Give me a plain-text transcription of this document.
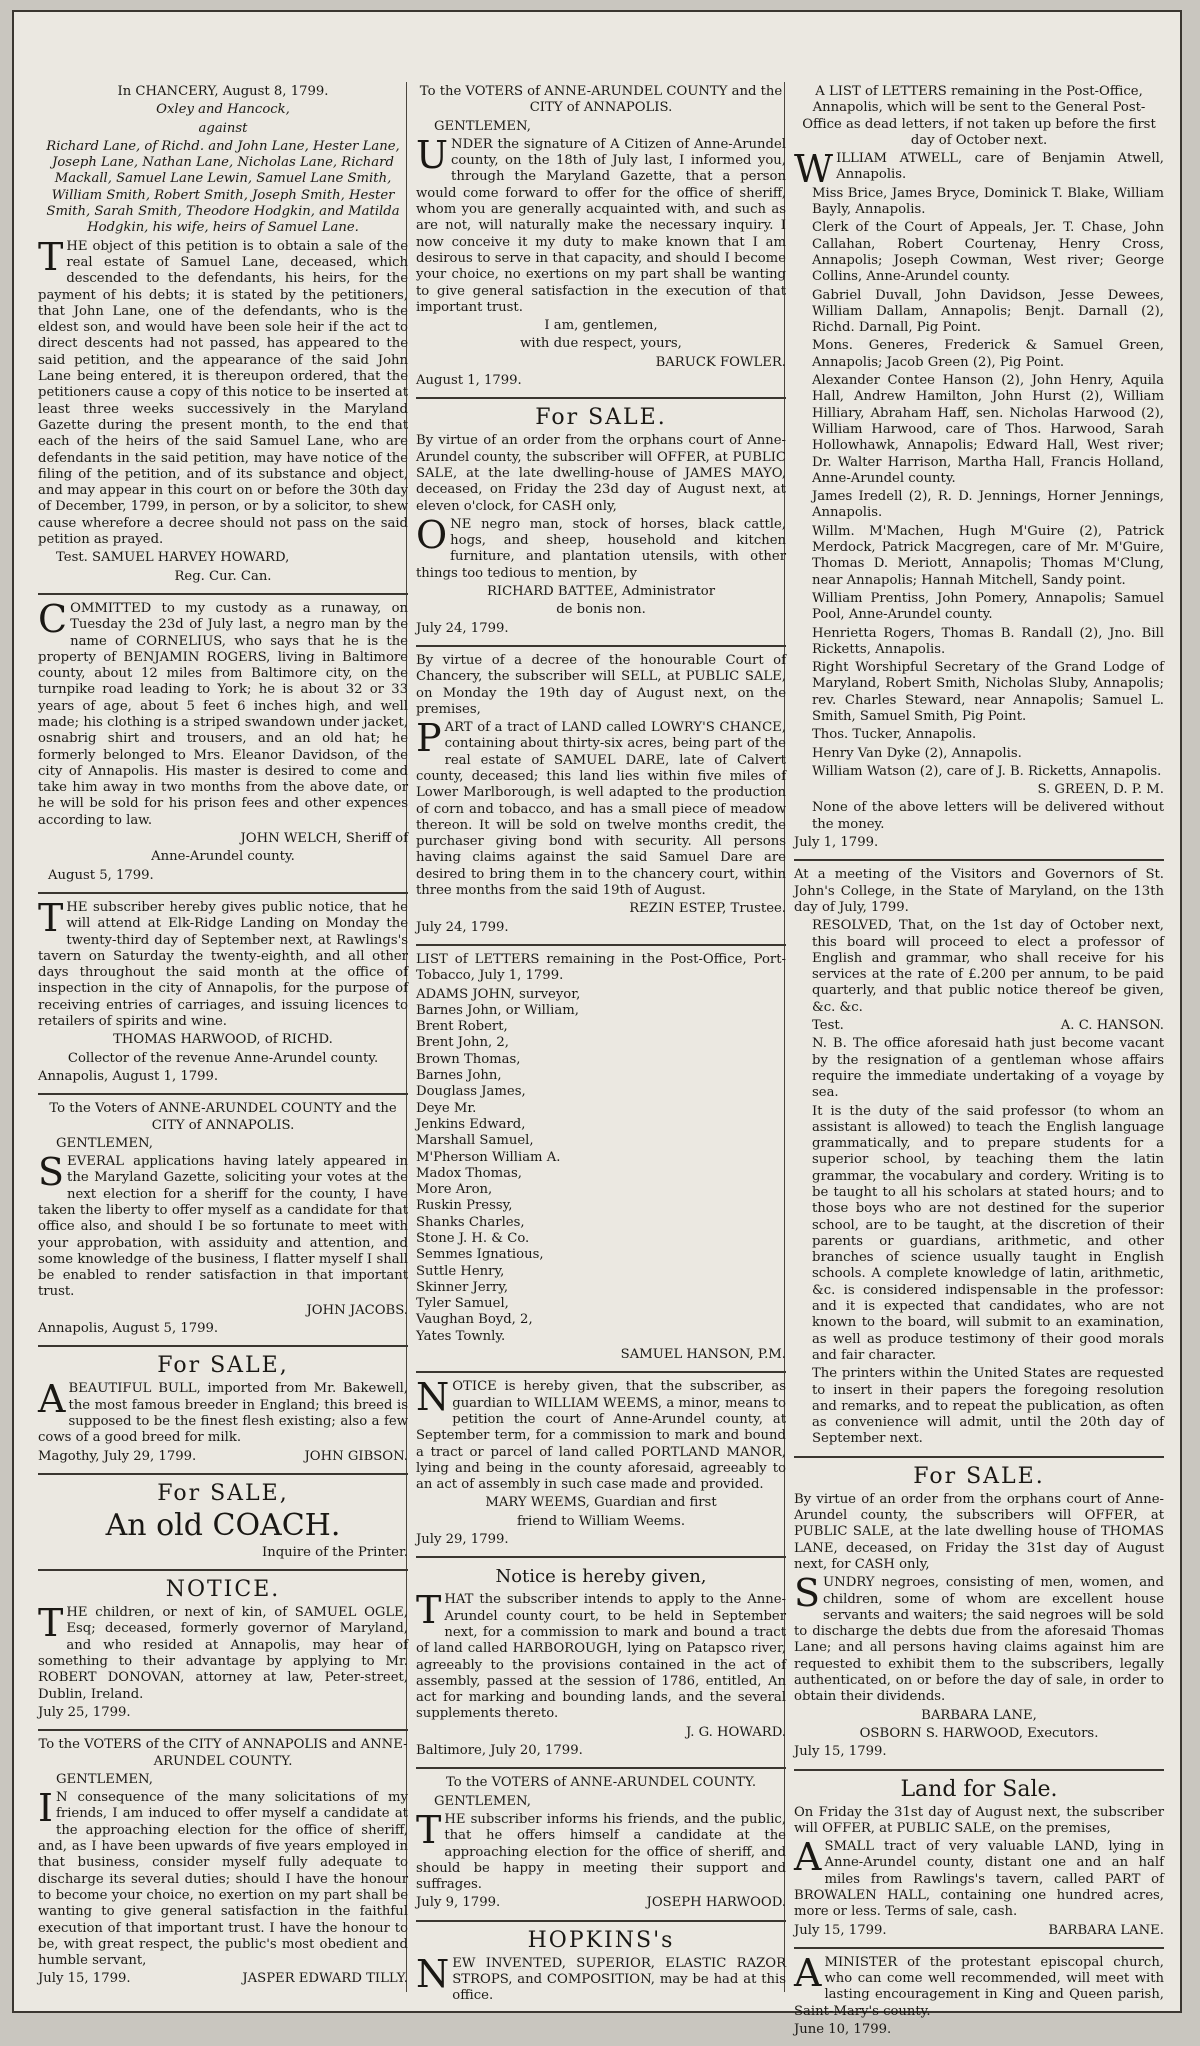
In CHANCERY, August 8, 1799.

Oxley and Hancock,

against

Richard Lane, of Richd. and John Lane, Hester Lane, Joseph Lane, Nathan Lane, Nicholas Lane, Richard Mackall, Samuel Lane Lewin, Samuel Lane Smith, William Smith, Robert Smith, Joseph Smith, Hester Smith, Sarah Smith, Theodore Hodgkin, and Matilda Hodgkin, his wife, heirs of Samuel Lane.

THE object of this petition is to obtain a sale of the real estate of Samuel Lane, deceased, which descended to the defendants, his heirs, for the payment of his debts; it is stated by the petitioners, that John Lane, one of the defendants, who is the eldest son, and would have been sole heir if the act to direct descents had not passed, has appeared to the said petition, and the appearance of the said John Lane being entered, it is thereupon ordered, that the petitioners cause a copy of this notice to be inserted at least three weeks successively in the Maryland Gazette during the present month, to the end that each of the heirs of the said Samuel Lane, who are defendants in the said petition, may have notice of the filing of the petition, and of its substance and object, and may appear in this court on or before the 30th day of December, 1799, in person, or by a solicitor, to shew cause wherefore a decree should not pass on the said petition as prayed.

Test. SAMUEL HARVEY HOWARD,

Reg. Cur. Can.

COMMITTED to my custody as a runaway, on Tuesday the 23d of July last, a negro man by the name of CORNELIUS, who says that he is the property of BENJAMIN ROGERS, living in Baltimore county, about 12 miles from Baltimore city, on the turnpike road leading to York; he is about 32 or 33 years of age, about 5 feet 6 inches high, and well made; his clothing is a striped swandown under jacket, osnabrig shirt and trousers, and an old hat; he formerly belonged to Mrs. Eleanor Davidson, of the city of Annapolis. His master is desired to come and take him away in two months from the above date, or he will be sold for his prison fees and other expences according to law.

JOHN WELCH, Sheriff of

Anne-Arundel county.

August 5, 1799.

THE subscriber hereby gives public notice, that he will attend at Elk-Ridge Landing on Monday the twenty-third day of September next, at Rawlings's tavern on Saturday the twenty-eighth, and all other days throughout the said month at the office of inspection in the city of Annapolis, for the purpose of receiving entries of carriages, and issuing licences to retailers of spirits and wine.

THOMAS HARWOOD, of RICHD.

Collector of the revenue Anne-Arundel county.

Annapolis, August 1, 1799.

To the Voters of ANNE-ARUNDEL COUNTY and the CITY of ANNAPOLIS.

GENTLEMEN,

SEVERAL applications having lately appeared in the Maryland Gazette, soliciting your votes at the next election for a sheriff for the county, I have taken the liberty to offer myself as a candidate for that office also, and should I be so fortunate to meet with your approbation, with assiduity and attention, and some knowledge of the business, I flatter myself I shall be enabled to render satisfaction in that important trust.

JOHN JACOBS.

Annapolis, August 5, 1799.

For SALE,

ABEAUTIFUL BULL, imported from Mr. Bakewell, the most famous breeder in England; this breed is supposed to be the finest flesh existing; also a few cows of a good breed for milk.

Magothy, July 29, 1799.	JOHN GIBSON.

For SALE,

An old COACH.

Inquire of the Printer.

NOTICE.

THE children, or next of kin, of SAMUEL OGLE, Esq; deceased, formerly governor of Maryland, and who resided at Annapolis, may hear of something to their advantage by applying to Mr. ROBERT DONOVAN, attorney at law, Peter-street, Dublin, Ireland.

July 25, 1799.

To the VOTERS of the CITY of ANNAPOLIS and ANNE-ARUNDEL COUNTY.

GENTLEMEN,

I N consequence of the many solicitations of my friends, I am induced to offer myself a candidate at the approaching election for the office of sheriff, and, as I have been upwards of five years employed in that business, consider myself fully adequate to discharge its several duties; should I have the honour to become your choice, no exertion on my part shall be wanting to give general satisfaction in the faithful execution of that important trust. I have the honour to be, with great respect, the public's most obedient and humble servant,

July 15, 1799.	JASPER EDWARD TILLY.

To the VOTERS of ANNE-ARUNDEL COUNTY and the CITY of ANNAPOLIS.

GENTLEMEN,

UNDER the signature of A Citizen of Anne-Arundel county, on the 18th of July last, I informed you, through the Maryland Gazette, that a person would come forward to offer for the office of sheriff, whom you are generally acquainted with, and such as are not, will naturally make the necessary inquiry. I now conceive it my duty to make known that I am desirous to serve in that capacity, and should I become your choice, no exertions on my part shall be wanting to give general satisfaction in the execution of that important trust.

I am, gentlemen,

with due respect, yours,

BARUCK FOWLER.

August 1, 1799.

For SALE.

By virtue of an order from the orphans court of Anne-Arundel county, the subscriber will OFFER, at PUBLIC SALE, at the late dwelling-house of JAMES MAYO, deceased, on Friday the 23d day of August next, at eleven o'clock, for CASH only,

ONE negro man, stock of horses, black cattle, hogs, and sheep, household and kitchen furniture, and plantation utensils, with other things too tedious to mention, by

RICHARD BATTEE, Administrator

de bonis non.

July 24, 1799.

By virtue of a decree of the honourable Court of Chancery, the subscriber will SELL, at PUBLIC SALE, on Monday the 19th day of August next, on the premises,

PART of a tract of LAND called LOWRY'S CHANCE, containing about thirty-six acres, being part of the real estate of SAMUEL DARE, late of Calvert county, deceased; this land lies within five miles of Lower Marlborough, is well adapted to the production of corn and tobacco, and has a small piece of meadow thereon. It will be sold on twelve months credit, the purchaser giving bond with security. All persons having claims against the said Samuel Dare are desired to bring them in to the chancery court, within three months from the said 19th of August.

REZIN ESTEP, Trustee.

July 24, 1799.

LIST of LETTERS remaining in the Post-Office, Port-Tobacco, July 1, 1799.

ADAMS JOHN, surveyor,
Barnes John, or William,
Brent Robert,
Brent John, 2,
Brown Thomas,
Barnes John,
Douglass James,
Deye Mr.
Jenkins Edward,
Marshall Samuel,
M'Pherson William A.
Madox Thomas,
More Aron,
Ruskin Pressy,
Shanks Charles,
Stone J. H. & Co.
Semmes Ignatious,
Suttle Henry,
Skinner Jerry,
Tyler Samuel,
Vaughan Boyd, 2,
Yates Townly.

SAMUEL HANSON, P.M.

NOTICE is hereby given, that the subscriber, as guardian to WILLIAM WEEMS, a minor, means to petition the court of Anne-Arundel county, at September term, for a commission to mark and bound a tract or parcel of land called PORTLAND MANOR, lying and being in the county aforesaid, agreeably to an act of assembly in such case made and provided.

MARY WEEMS, Guardian and first

friend to William Weems.

July 29, 1799.

Notice is hereby given,

THAT the subscriber intends to apply to the Anne-Arundel county court, to be held in September next, for a commission to mark and bound a tract of land called HARBOROUGH, lying on Patapsco river, agreeably to the provisions contained in the act of assembly, passed at the session of 1786, entitled, An act for marking and bounding lands, and the several supplements thereto.

J. G. HOWARD.

Baltimore, July 20, 1799.

To the VOTERS of ANNE-ARUNDEL COUNTY.

GENTLEMEN,

THE subscriber informs his friends, and the public, that he offers himself a candidate at the approaching election for the office of sheriff, and should be happy in meeting their support and suffrages.

July 9, 1799.	JOSEPH HARWOOD.

HOPKINS's

NEW INVENTED, SUPERIOR, ELASTIC RAZOR STROPS, and COMPOSITION, may be had at this office.

A LIST of LETTERS remaining in the Post-Office, Annapolis, which will be sent to the General Post-Office as dead letters, if not taken up before the first day of October next.

WILLIAM ATWELL, care of Benjamin Atwell, Annapolis.

Miss Brice, James Bryce, Dominick T. Blake, William Bayly, Annapolis.

Clerk of the Court of Appeals, Jer. T. Chase, John Callahan, Robert Courtenay, Henry Cross, Annapolis; Joseph Cowman, West river; George Collins, Anne-Arundel county.

Gabriel Duvall, John Davidson, Jesse Dewees, William Dallam, Annapolis; Benjt. Darnall (2), Richd. Darnall, Pig Point.

Mons. Generes, Frederick & Samuel Green, Annapolis; Jacob Green (2), Pig Point.

Alexander Contee Hanson (2), John Henry, Aquila Hall, Andrew Hamilton, John Hurst (2), William Hilliary, Abraham Haff, sen. Nicholas Harwood (2), William Harwood, care of Thos. Harwood, Sarah Hollowhawk, Annapolis; Edward Hall, West river; Dr. Walter Harrison, Martha Hall, Francis Holland, Anne-Arundel county.

James Iredell (2), R. D. Jennings, Horner Jennings, Annapolis.

Willm. M'Machen, Hugh M'Guire (2), Patrick Merdock, Patrick Macgregen, care of Mr. M'Guire, Thomas D. Meriott, Annapolis; Thomas M'Clung, near Annapolis; Hannah Mitchell, Sandy point.

William Prentiss, John Pomery, Annapolis; Samuel Pool, Anne-Arundel county.

Henrietta Rogers, Thomas B. Randall (2), Jno. Bill Ricketts, Annapolis.

Right Worshipful Secretary of the Grand Lodge of Maryland, Robert Smith, Nicholas Sluby, Annapolis; rev. Charles Steward, near Annapolis; Samuel L. Smith, Samuel Smith, Pig Point.

Thos. Tucker, Annapolis.

Henry Van Dyke (2), Annapolis.

William Watson (2), care of J. B. Ricketts, Annapolis.

S. GREEN, D. P. M.

None of the above letters will be delivered without the money.

July 1, 1799.

At a meeting of the Visitors and Governors of St. John's College, in the State of Maryland, on the 13th day of July, 1799.

RESOLVED, That, on the 1st day of October next, this board will proceed to elect a professor of English and grammar, who shall receive for his services at the rate of £.200 per annum, to be paid quarterly, and that public notice thereof be given, &c. &c.

Test.	A. C. HANSON.

N. B. The office aforesaid hath just become vacant by the resignation of a gentleman whose affairs require the immediate undertaking of a voyage by sea.

It is the duty of the said professor (to whom an assistant is allowed) to teach the English language grammatically, and to prepare students for a superior school, by teaching them the latin grammar, the vocabulary and cordery. Writing is to be taught to all his scholars at stated hours; and to those boys who are not destined for the superior school, are to be taught, at the discretion of their parents or guardians, arithmetic, and other branches of science usually taught in English schools. A complete knowledge of latin, arithmetic, &c. is considered indispensable in the professor: and it is expected that candidates, who are not known to the board, will submit to an examination, as well as produce testimony of their good morals and fair character.

The printers within the United States are requested to insert in their papers the foregoing resolution and remarks, and to repeat the publication, as often as convenience will admit, until the 20th day of September next.

For SALE.

By virtue of an order from the orphans court of Anne-Arundel county, the subscribers will OFFER, at PUBLIC SALE, at the late dwelling house of THOMAS LANE, deceased, on Friday the 31st day of August next, for CASH only,

SUNDRY negroes, consisting of men, women, and children, some of whom are excellent house servants and waiters; the said negroes will be sold to discharge the debts due from the aforesaid Thomas Lane; and all persons having claims against him are requested to exhibit them to the subscribers, legally authenticated, on or before the day of sale, in order to obtain their dividends.

BARBARA LANE,

OSBORN S. HARWOOD, Executors.

July 15, 1799.

Land for Sale.

On Friday the 31st day of August next, the subscriber will OFFER, at PUBLIC SALE, on the premises,

ASMALL tract of very valuable LAND, lying in Anne-Arundel county, distant one and an half miles from Rawlings's tavern, called PART of BROWALEN HALL, containing one hundred acres, more or less. Terms of sale, cash.

July 15, 1799.	BARBARA LANE.

AMINISTER of the protestant episcopal church, who can come well recommended, will meet with lasting encouragement in King and Queen parish, Saint-Mary's county.

June 10, 1799.
